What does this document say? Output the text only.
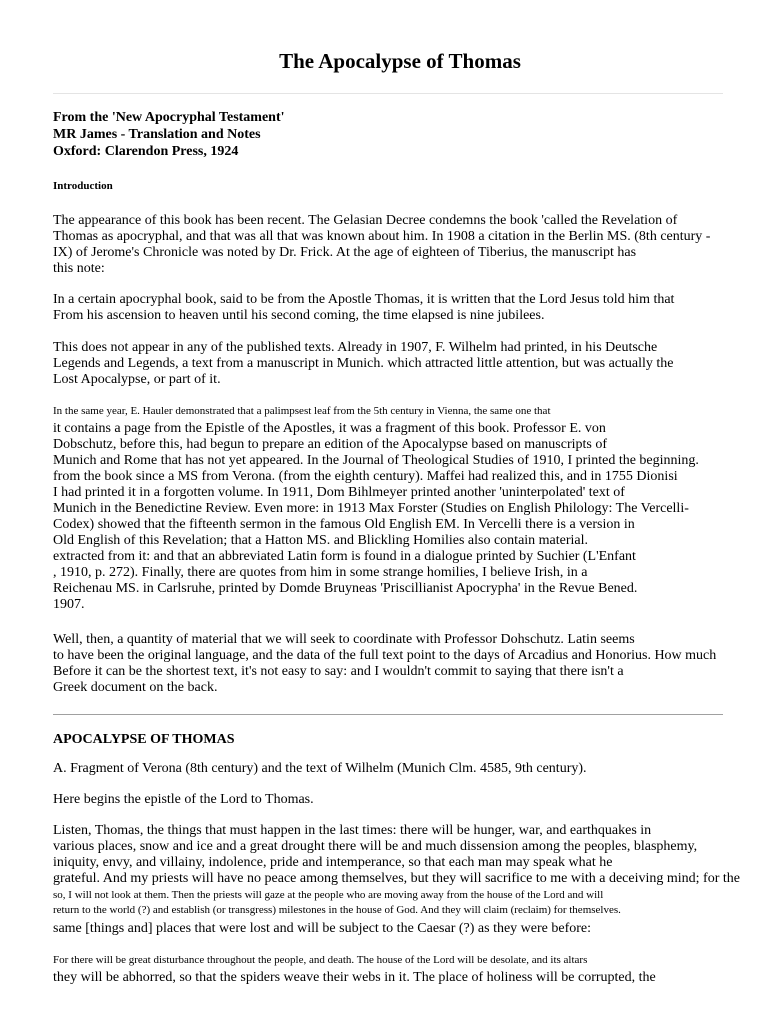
The Apocalypse of Thomas
From the 'New Apocryphal Testament'
MR James - Translation and Notes
Oxford: Clarendon Press, 1924
Introduction
The appearance of this book has been recent. The Gelasian Decree condemns the book 'called the Revelation of
Thomas as apocryphal, and that was all that was known about him. In 1908 a citation in the Berlin MS. (8th century -
IX) of Jerome's Chronicle was noted by Dr. Frick. At the age of eighteen of Tiberius, the manuscript has
this note:
In a certain apocryphal book, said to be from the Apostle Thomas, it is written that the Lord Jesus told him that
From his ascension to heaven until his second coming, the time elapsed is nine jubilees.
This does not appear in any of the published texts. Already in 1907, F. Wilhelm had printed, in his Deutsche
Legends and Legends, a text from a manuscript in Munich. which attracted little attention, but was actually the
Lost Apocalypse, or part of it.
In the same year, E. Hauler demonstrated that a palimpsest leaf from the 5th century in Vienna, the same one that
it contains a page from the Epistle of the Apostles, it was a fragment of this book. Professor E. von
Dobschutz, before this, had begun to prepare an edition of the Apocalypse based on manuscripts of
Munich and Rome that has not yet appeared. In the Journal of Theological Studies of 1910, I printed the beginning.
from the book since a MS from Verona. (from the eighth century). Maffei had realized this, and in 1755 Dionisi
I had printed it in a forgotten volume. In 1911, Dom Bihlmeyer printed another 'uninterpolated' text of
Munich in the Benedictine Review. Even more: in 1913 Max Forster (Studies on English Philology: The Vercelli-
Codex) showed that the fifteenth sermon in the famous Old English EM. In Vercelli there is a version in
Old English of this Revelation; that a Hatton MS. and Blickling Homilies also contain material.
extracted from it: and that an abbreviated Latin form is found in a dialogue printed by Suchier (L'Enfant
, 1910, p. 272). Finally, there are quotes from him in some strange homilies, I believe Irish, in a
Reichenau MS. in Carlsruhe, printed by Domde Bruyneas 'Priscillianist Apocrypha' in the Revue Bened.
1907.
Well, then, a quantity of material that we will seek to coordinate with Professor Dohschutz. Latin seems
to have been the original language, and the data of the full text point to the days of Arcadius and Honorius. How much
Before it can be the shortest text, it's not easy to say: and I wouldn't commit to saying that there isn't a
Greek document on the back.
APOCALYPSE OF THOMAS
A. Fragment of Verona (8th century) and the text of Wilhelm (Munich Clm. 4585, 9th century).
Here begins the epistle of the Lord to Thomas.
Listen, Thomas, the things that must happen in the last times: there will be hunger, war, and earthquakes in
various places, snow and ice and a great drought there will be and much dissension among the peoples, blasphemy,
iniquity, envy, and villainy, indolence, pride and intemperance, so that each man may speak what he
grateful. And my priests will have no peace among themselves, but they will sacrifice to me with a deceiving mind; for the
so, I will not look at them. Then the priests will gaze at the people who are moving away from the house of the Lord and will
return to the world (?) and establish (or transgress) milestones in the house of God. And they will claim (reclaim) for themselves.
same [things and] places that were lost and will be subject to the Caesar (?) as they were before:
For there will be great disturbance throughout the people, and death. The house of the Lord will be desolate, and its altars
they will be abhorred, so that the spiders weave their webs in it. The place of holiness will be corrupted, the
